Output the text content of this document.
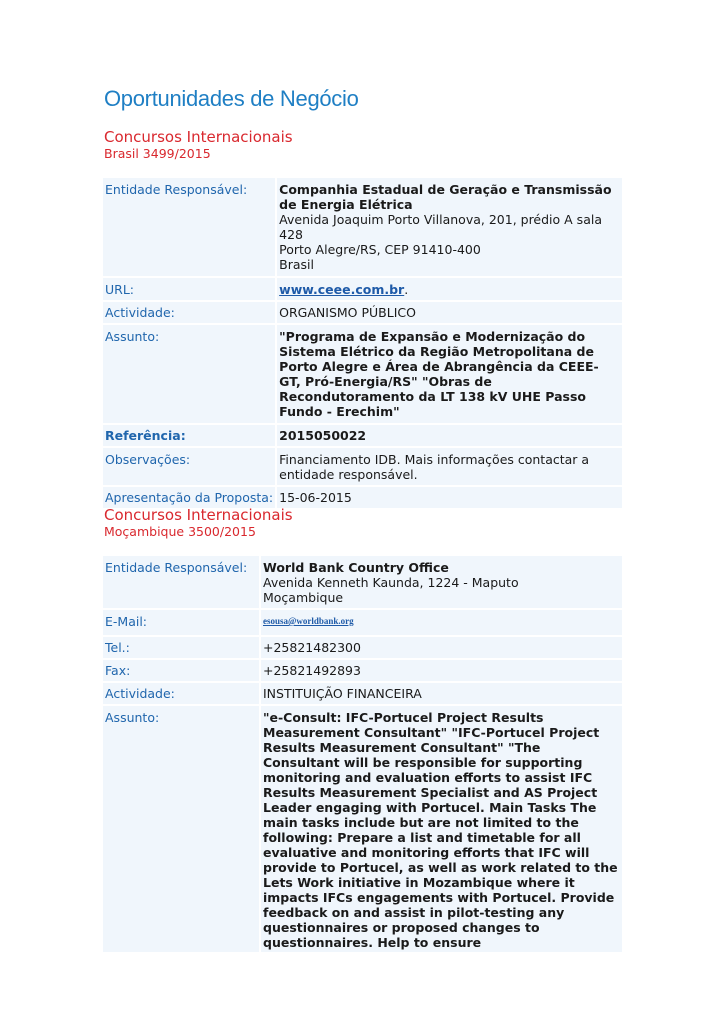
Oportunidades de Negócio
Concursos Internacionais
Brasil 3499/2015
Entidade Responsável:	Companhia Estadual de Geração e Transmissão de Energia Elétrica
Avenida Joaquim Porto Villanova, 201, prédio A sala 428
Porto Alegre/RS, CEP 91410-400
Brasil

URL:	www.ceee.com.br.
Actividade:	ORGANISMO PÚBLICO
Assunto:	"Programa de Expansão e Modernização do Sistema Elétrico da Região Metropolitana de Porto Alegre e Área de Abrangência da CEEE-GT, Pró-Energia/RS" "Obras de Recondutoramento da LT 138 kV UHE Passo Fundo - Erechim"
Referência:	2015050022
Observações:	Financiamento IDB. Mais informações contactar a entidade responsável.
Apresentação da Proposta:	15-06-2015
Concursos Internacionais
Moçambique 3500/2015
Entidade Responsável:	World Bank Country Office
Avenida Kenneth Kaunda, 1224 - Maputo
Moçambique

E-Mail:	esousa@worldbank.org
Tel.:	+25821482300
Fax:	+25821492893
Actividade:	INSTITUIÇÃO FINANCEIRA
Assunto:	"e-Consult: IFC-Portucel Project Results Measurement Consultant" "IFC-Portucel Project Results Measurement Consultant" "The Consultant will be responsible for supporting monitoring and evaluation efforts to assist IFC Results Measurement Specialist and AS Project Leader engaging with Portucel. Main Tasks The main tasks include but are not limited to the following: Prepare a list and timetable for all evaluative and monitoring efforts that IFC will provide to Portucel, as well as work related to the Lets Work initiative in Mozambique where it impacts IFCs engagements with Portucel. Provide feedback on and assist in pilot-testing any questionnaires or proposed changes to questionnaires. Help to ensure
